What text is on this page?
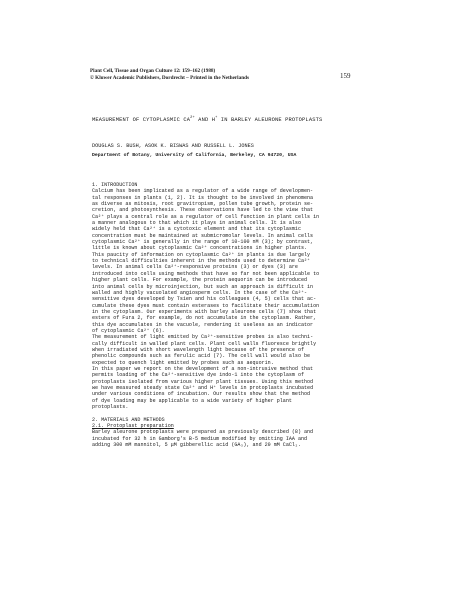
Plant Cell, Tissue and Organ Culture 12: 159–162 (1988)
© Kluwer Academic Publishers, Dordrecht – Printed in the Netherlands	159
MEASUREMENT OF CYTOPLASMIC $CA^{2+}$ AND H+ IN BARLEY ALEURONE PROTOPLASTS
DOUGLAS S. BUSH, ASOK K. BISWAS AND RUSSELL L. JONES
Department of Botany, University of California, Berkeley, CA 94720, USA
1. INTRODUCTION
Calcium has been implicated as a regulator of a wide range of developmen-
tal responses in plants (1, 2). It is thought to be involved in phenomena
as diverse as mitosis, root gravitropism, pollen tube growth, protein se-
cretion, and photosynthesis. These observations have led to the view that
Ca²⁺ plays a central role as a regulator of cell function in plant cells in
a manner analogous to that which it plays in animal cells. It is also
widely held that Ca²⁺ is a cytotoxic element and that its cytoplasmic
concentration must be maintained at submicromolar levels. In animal cells
cytoplasmic Ca²⁺ is generally in the range of 10-100 nM (3); by contrast,
little is known about cytoplasmic Ca²⁺ concentrations in higher plants.
This paucity of information on cytoplasmic Ca²⁺ in plants is due largely
to technical difficulties inherent in the methods used to determine Ca²⁺
levels. In animal cells Ca²⁺-responsive proteins (3) or dyes (3) are
introduced into cells using methods that have so far not been applicable to
higher plant cells. For example, the protein aequorin can be introduced
into animal cells by microinjection, but such an approach is difficult in
walled and highly vacuolated angiosperm cells. In the case of the Ca²⁺-
sensitive dyes developed by Tsien and his colleagues (4, 5) cells that ac-
cumulate these dyes must contain esterases to facilitate their accumulation
in the cytoplasm. Our experiments with barley aleurone cells (7) show that
esters of Fura 2, for example, do not accumulate in the cytoplasm. Rather,
this dye accumulates in the vacuole, rendering it useless as an indicator
of cytoplasmic Ca²⁺ (6).
The measurement of light emitted by Ca²⁺-sensitive probes is also techni-
cally difficult in walled plant cells. Plant cell walls fluoresce brightly
when irradiated with short wavelength light because of the presence of
phenolic compounds such as ferulic acid (7). The cell wall would also be
expected to quench light emitted by probes such as aequorin.
In this paper we report on the development of a non-intrusive method that
permits loading of the Ca²⁺-sensitive dye indo-1 into the cytoplasm of
protoplasts isolated from various higher plant tissues. Using this method
we have measured steady state Ca²⁺ and H⁺ levels in protoplasts incubated
under various conditions of incubation. Our results show that the method
of dye loading may be applicable to a wide variety of higher plant
protoplasts.
2. MATERIALS AND METHODS
2.1. Protoplast preparation
Barley aleurone protoplasts were prepared as previously described (8) and
incubated for 32 h in Gamborg's B-5 medium modified by omitting IAA and
adding 300 mM mannitol, 5 μM gibberellic acid (GA₃), and 20 mM CaCl₂.
